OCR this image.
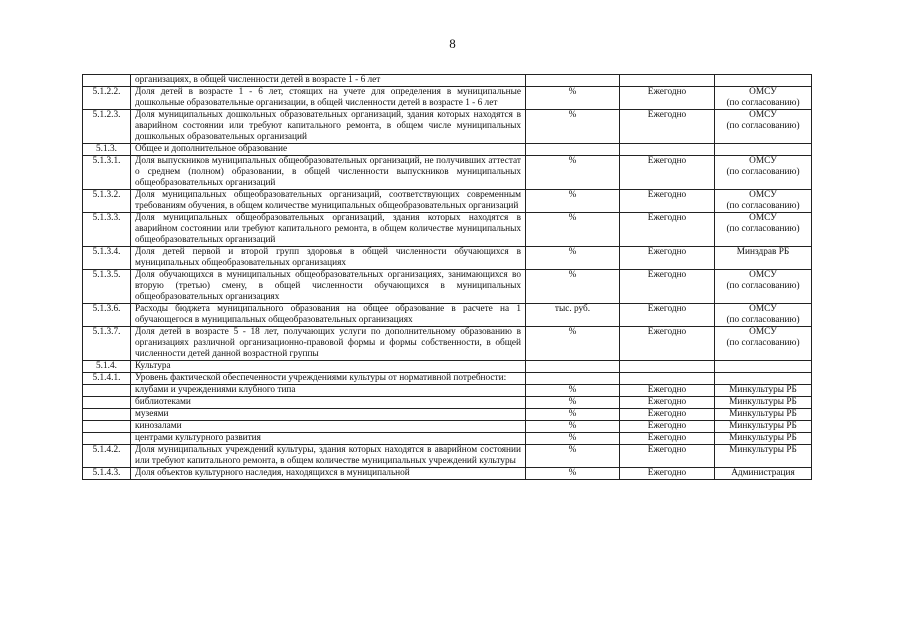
8
	организациях, в общей численности детей в возрасте 1 - 6 лет			

5.1.2.2.	Доля детей в возрасте 1 - 6 лет, стоящих на учете для определения в муниципальные дошкольные образовательные организации, в общей численности детей в возрасте 1 - 6 лет	%	Ежегодно	ОМСУ
(по согласованию)

5.1.2.3.	Доля муниципальных дошкольных образовательных организаций, здания которых находятся в аварийном состоянии или требуют капитального ремонта, в общем числе муниципальных дошкольных образовательных организаций	%	Ежегодно	ОМСУ
(по согласованию)

5.1.3.	Общее и дополнительное образование			

5.1.3.1.	Доля выпускников муниципальных общеобразовательных организаций, не получивших аттестат о среднем (полном) образовании, в общей численности выпускников муниципальных общеобразовательных организаций	%	Ежегодно	ОМСУ
(по согласованию)

5.1.3.2.	Доля муниципальных общеобразовательных организаций, соответствующих современным требованиям обучения, в общем количестве муниципальных общеобразовательных организаций	%	Ежегодно	ОМСУ
(по согласованию)

5.1.3.3.	Доля муниципальных общеобразовательных организаций, здания которых находятся в аварийном состоянии или требуют капитального ремонта, в общем количестве муниципальных общеобразовательных организаций	%	Ежегодно	ОМСУ
(по согласованию)

5.1.3.4.	Доля детей первой и второй групп здоровья в общей численности обучающихся в муниципальных общеобразовательных организациях	%	Ежегодно	Минздрав РБ

5.1.3.5.	Доля обучающихся в муниципальных общеобразовательных организациях, занимающихся во вторую (третью) смену, в общей численности обучающихся в муниципальных общеобразовательных организациях	%	Ежегодно	ОМСУ
(по согласованию)

5.1.3.6.	Расходы бюджета муниципального образования на общее образование в расчете на 1 обучающегося в муниципальных общеобразовательных организациях	тыс. руб.	Ежегодно	ОМСУ
(по согласованию)

5.1.3.7.	Доля детей в возрасте 5 - 18 лет, получающих услуги по дополнительному образованию в организациях различной организационно-правовой формы и формы собственности, в общей численности детей данной возрастной группы	%	Ежегодно	ОМСУ
(по согласованию)

5.1.4.	Культура			

5.1.4.1.	Уровень фактической обеспеченности учреждениями культуры от нормативной потребности:			

	клубами и учреждениями клубного типа	%	Ежегодно	Минкультуры РБ

	библиотеками	%	Ежегодно	Минкультуры РБ

	музеями	%	Ежегодно	Минкультуры РБ

	кинозалами	%	Ежегодно	Минкультуры РБ

	центрами культурного развития	%	Ежегодно	Минкультуры РБ

5.1.4.2.	Доля муниципальных учреждений культуры, здания которых находятся в аварийном состоянии или требуют капитального ремонта, в общем количестве муниципальных учреждений культуры	%	Ежегодно	Минкультуры РБ

5.1.4.3.	Доля объектов культурного наследия, находящихся в муниципальной	%	Ежегодно	Администрация
